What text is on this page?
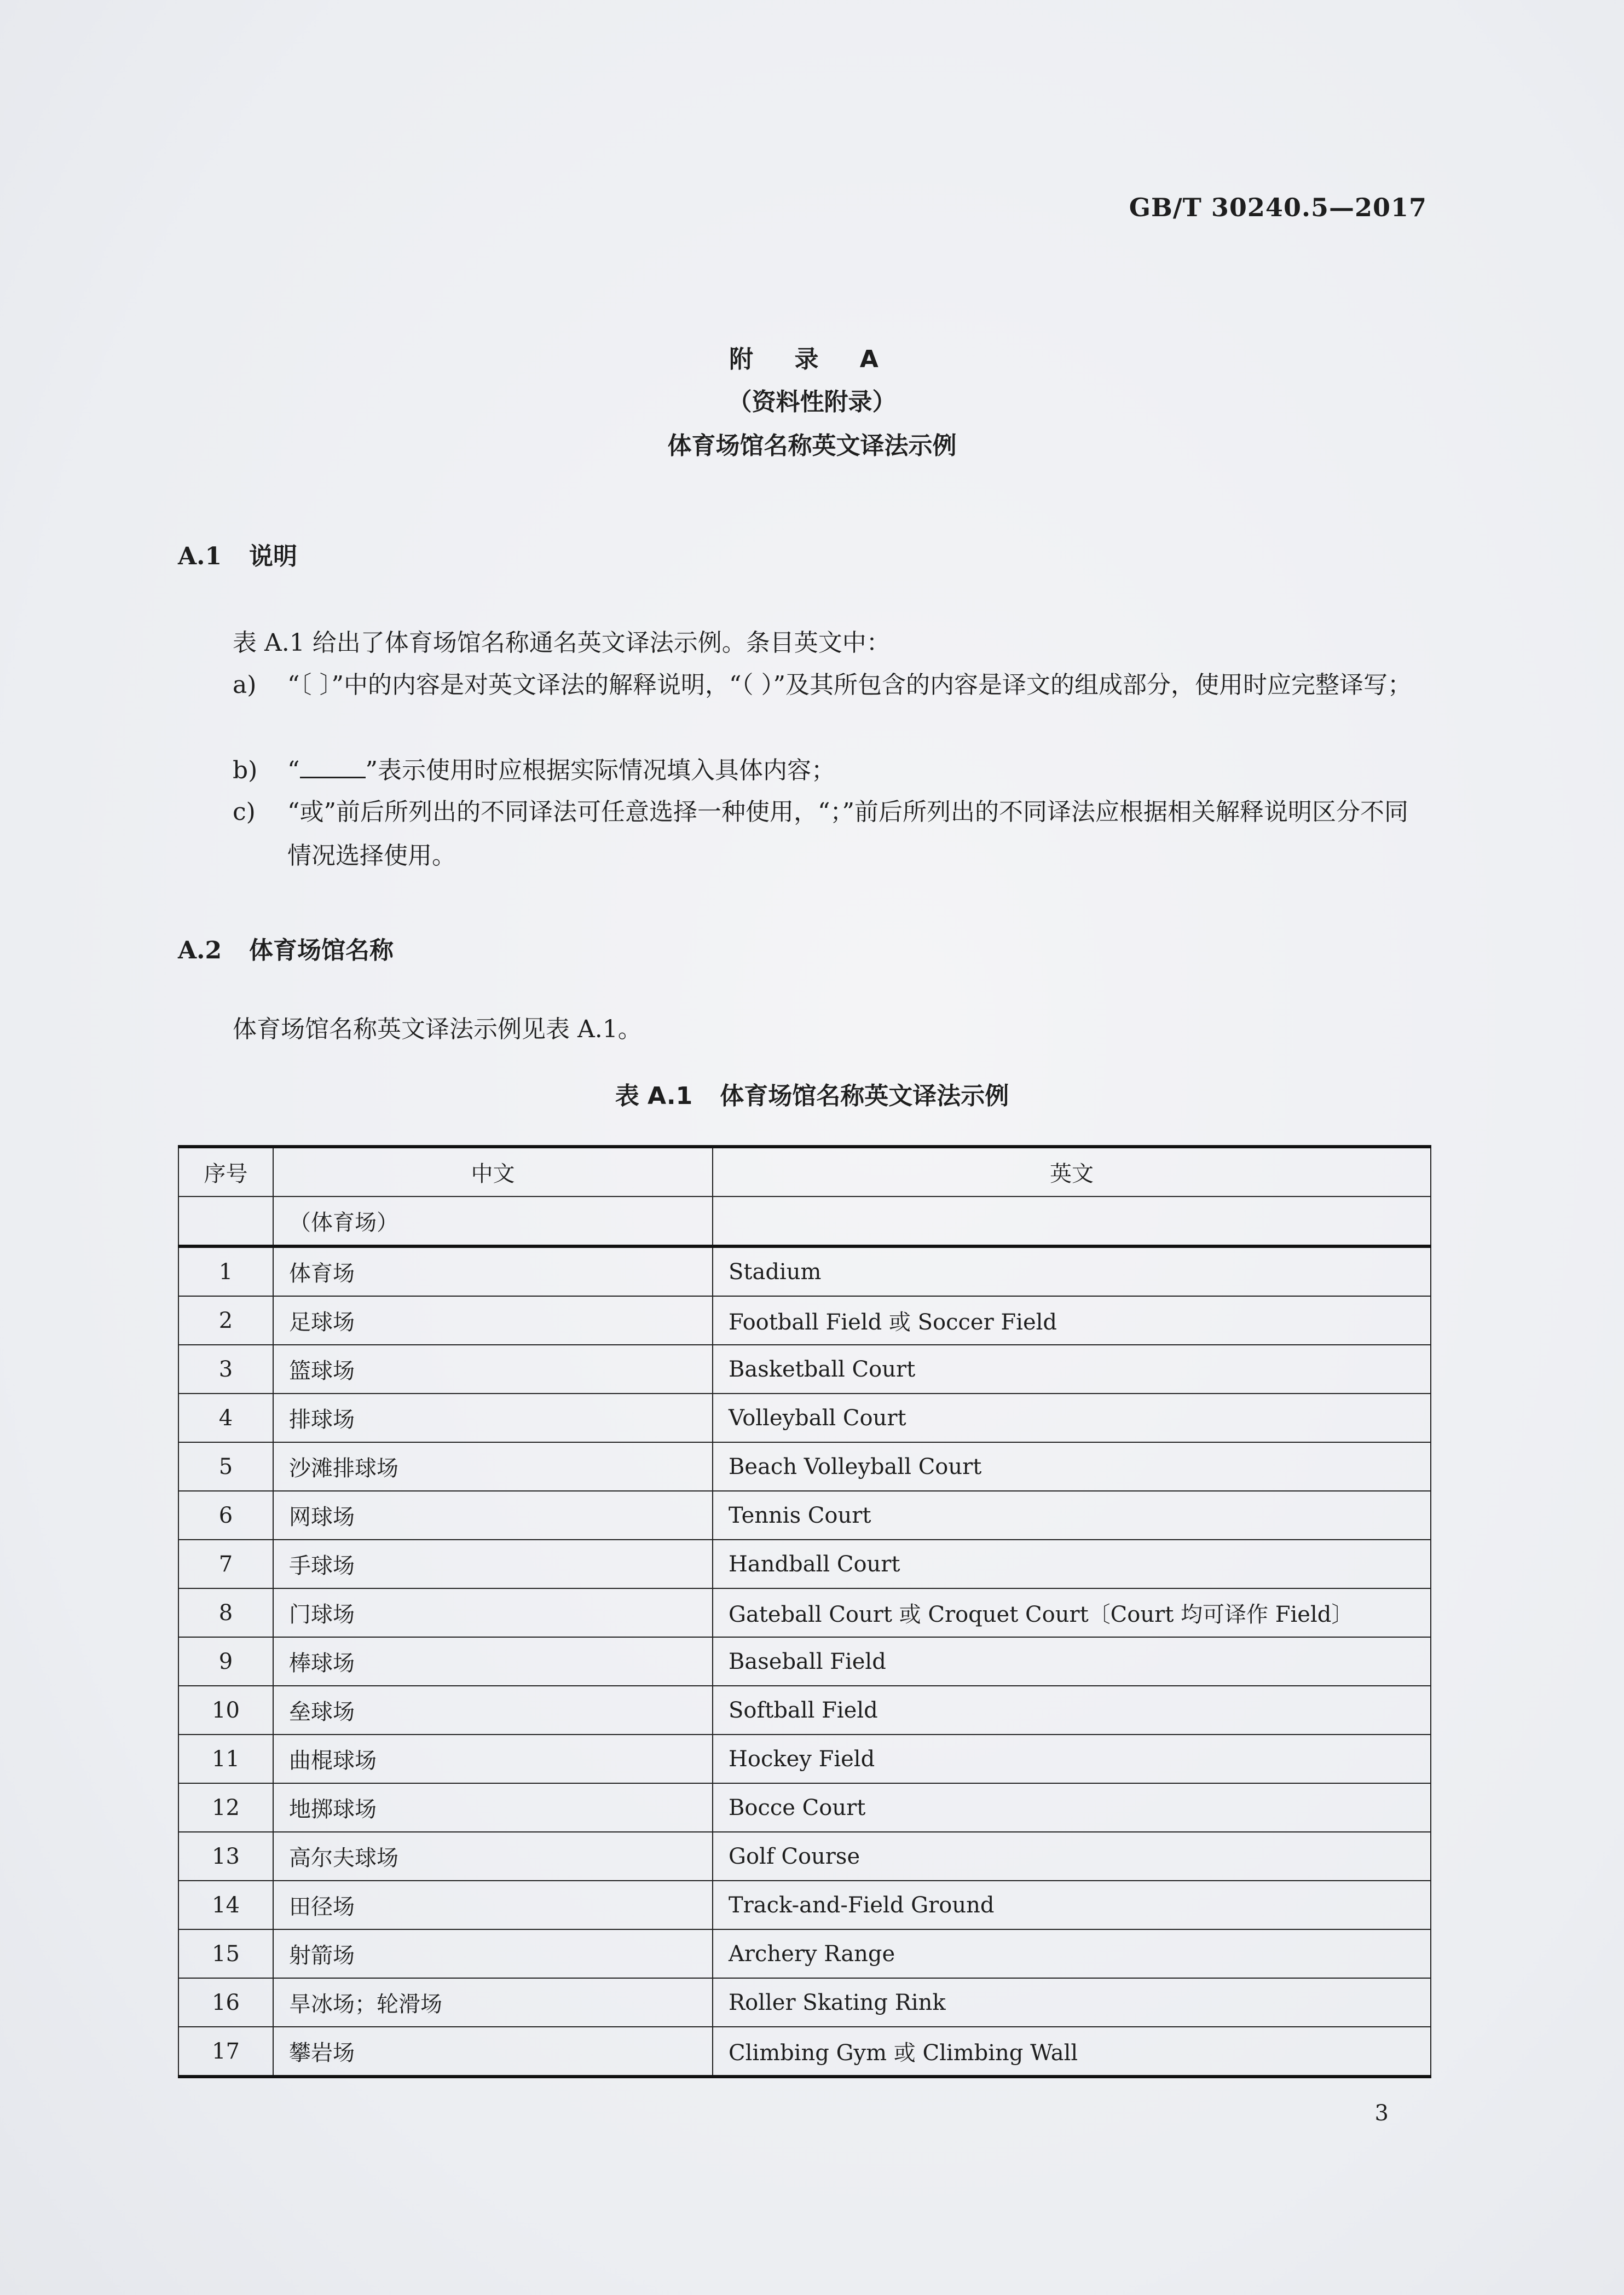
GB/T 30240.5—2017
附 录 A
（资料性附录）
体育场馆名称英文译法示例
A.1 说明
表 A.1 给出了体育场馆名称通名英文译法示例。条目英文中：
a) “〔 〕”中的内容是对英文译法的解释说明，“（ ）”及其所包含的内容是译文的组成部分，使用时应完整译写；
b) “	”表示使用时应根据实际情况填入具体内容；
c) “或”前后所列出的不同译法可任意选择一种使用，“；”前后所列出的不同译法应根据相关解释说明区分不同情况选择使用。
A.2 体育场馆名称
体育场馆名称英文译法示例见表 A.1。
表 A.1 体育场馆名称英文译法示例
序号	中文	英文
	（体育场）	
1	体育场	Stadium
2	足球场	Football Field 或 Soccer Field
3	篮球场	Basketball Court
4	排球场	Volleyball Court
5	沙滩排球场	Beach Volleyball Court
6	网球场	Tennis Court
7	手球场	Handball Court
8	门球场	Gateball Court 或 Croquet Court〔Court 均可译作 Field〕
9	棒球场	Baseball Field
10	垒球场	Softball Field
11	曲棍球场	Hockey Field
12	地掷球场	Bocce Court
13	高尔夫球场	Golf Course
14	田径场	Track-and-Field Ground
15	射箭场	Archery Range
16	旱冰场；轮滑场	Roller Skating Rink
17	攀岩场	Climbing Gym 或 Climbing Wall
3
